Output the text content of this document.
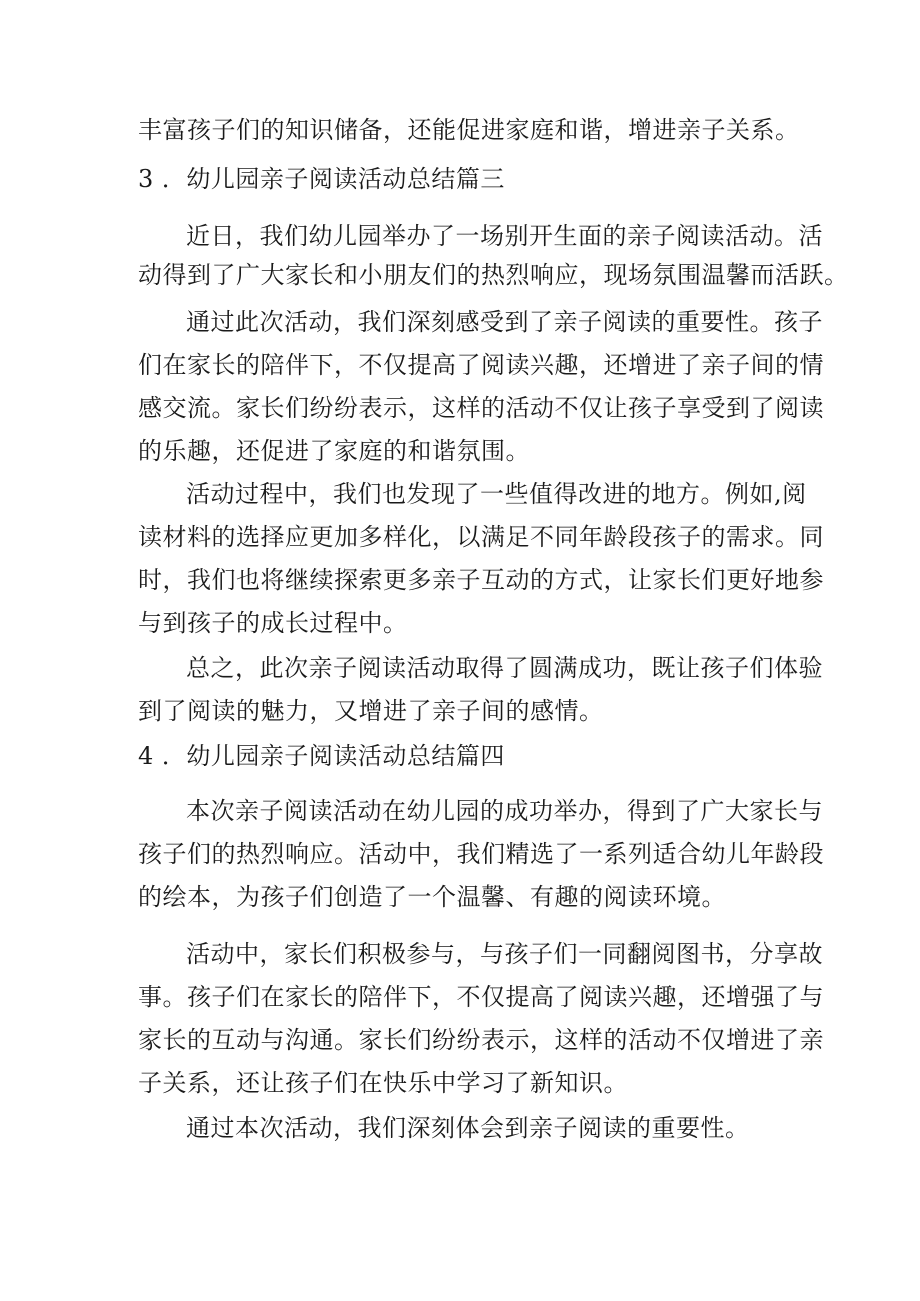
丰富孩子们的知识储备，还能促进家庭和谐，增进亲子关系。
3 ．幼儿园亲子阅读活动总结篇三
近日，我们幼儿园举办了一场别开生面的亲子阅读活动。活
动得到了广大家长和小朋友们的热烈响应，现场氛围温馨而活跃。
通过此次活动，我们深刻感受到了亲子阅读的重要性。孩子
们在家长的陪伴下，不仅提高了阅读兴趣，还增进了亲子间的情
感交流。家长们纷纷表示，这样的活动不仅让孩子享受到了阅读
的乐趣，还促进了家庭的和谐氛围。
活动过程中，我们也发现了一些值得改进的地方。例如,阅
读材料的选择应更加多样化，以满足不同年龄段孩子的需求。同
时，我们也将继续探索更多亲子互动的方式，让家长们更好地参
与到孩子的成长过程中。
总之，此次亲子阅读活动取得了圆满成功，既让孩子们体验
到了阅读的魅力，又增进了亲子间的感情。
4 ．幼儿园亲子阅读活动总结篇四
本次亲子阅读活动在幼儿园的成功举办，得到了广大家长与
孩子们的热烈响应。活动中，我们精选了一系列适合幼儿年龄段
的绘本，为孩子们创造了一个温馨、有趣的阅读环境。
活动中，家长们积极参与，与孩子们一同翻阅图书，分享故
事。孩子们在家长的陪伴下，不仅提高了阅读兴趣，还增强了与
家长的互动与沟通。家长们纷纷表示，这样的活动不仅增进了亲
子关系，还让孩子们在快乐中学习了新知识。
通过本次活动，我们深刻体会到亲子阅读的重要性。
